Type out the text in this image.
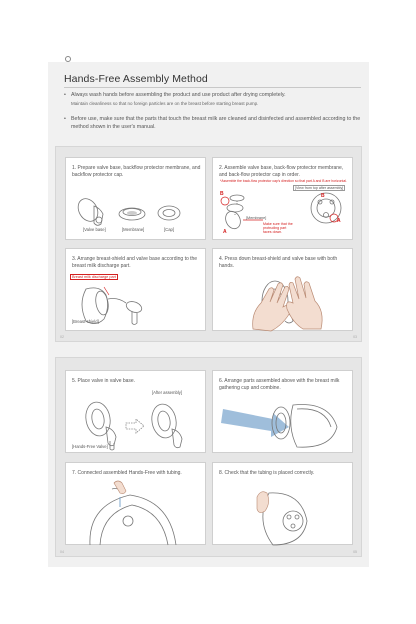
Hands-Free Assembly Method
• Always wash hands before assembling the product and use product after drying completely.
Maintain cleanliness so that no foreign particles are on the breast before starting breast pump.
• Before use, make sure that the parts that touch the breast milk are cleaned and disinfected and assembled according to the method shown in the user's manual.
02	03
1. Prepare valve base, backflow protector membrane, and backflow protector cap.
[Valve base]	[Membrane]	[Cap]
2. Assemble valve base, back-flow protector membrane, and back-flow protector cap in order.
*Assemble the back-flow protector cap's direction so that part A and B are horizontal.
[View from top after assembly]
B
A
B
A
[Membrane]
Make sure that the protruding part faces down.
3. Arrange breast-shield and valve base according to the breast milk discharge part.
Breast milk discharge part
[Breast-shield]
4. Press down breast-shield and valve base with both hands.
04	05
5. Place valve in valve base.
[After assembly]
[Hands-Free Valve]
6. Arrange parts assembled above with the breast milk gathering cup and combine.
7. Connected assembled Hands-Free with tubing.	8. Check that the tubing is placed correctly.
